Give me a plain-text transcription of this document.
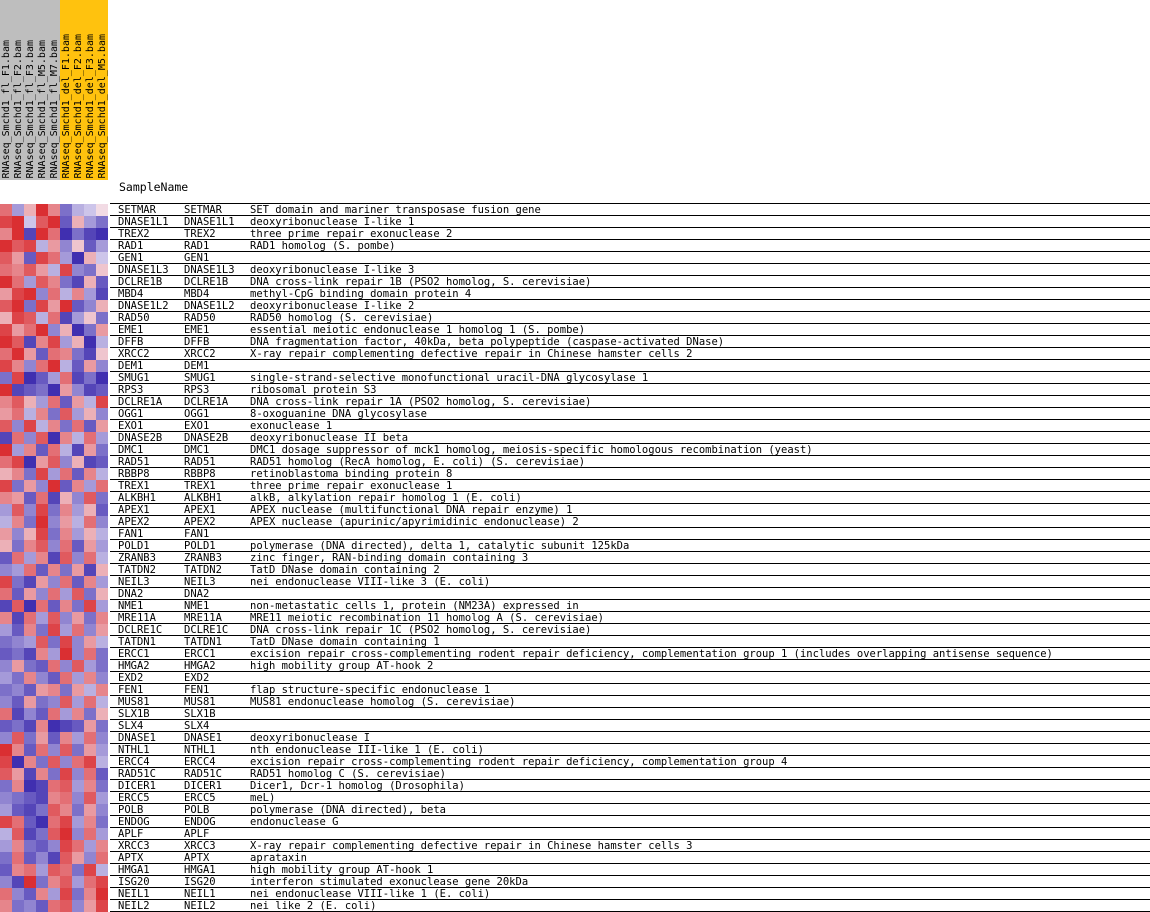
RNAseq_Smchd1_fl_F1.bam RNAseq_Smchd1_fl_F2.bam RNAseq_Smchd1_fl_F3.bam RNAseq_Smchd1_fl_M5.bam RNAseq_Smchd1_fl_M7.bam RNAseq_Smchd1_del_F1.bam RNAseq_Smchd1_del_F2.bam RNAseq_Smchd1_del_F3.bam RNAseq_Smchd1_del_M5.bam
SampleName
SETMAR	SETMAR	SET domain and mariner transposase fusion gene
DNASE1L1 DNASE1L1 deoxyribonuclease I-like 1
TREX2	TREX2	three prime repair exonuclease 2
RAD1	RAD1	RAD1 homolog (S. pombe)
GEN1	GEN1
DNASE1L3 DNASE1L3 deoxyribonuclease I-like 3
DCLRE1B DCLRE1B DNA cross-link repair 1B (PSO2 homolog, S. cerevisiae)
MBD4	MBD4	methyl-CpG binding domain protein 4
DNASE1L2 DNASE1L2 deoxyribonuclease I-like 2
RAD50	RAD50	RAD50 homolog (S. cerevisiae)
EME1	EME1	essential meiotic endonuclease 1 homolog 1 (S. pombe)
DFFB	DFFB	DNA fragmentation factor, 40kDa, beta polypeptide (caspase-activated DNase)
XRCC2	XRCC2	X-ray repair complementing defective repair in Chinese hamster cells 2
DEM1	DEM1
SMUG1	SMUG1	single-strand-selective monofunctional uracil-DNA glycosylase 1
RPS3	RPS3	ribosomal protein S3
DCLRE1A DCLRE1A DNA cross-link repair 1A (PSO2 homolog, S. cerevisiae)
OGG1	OGG1	8-oxoguanine DNA glycosylase
EXO1	EXO1	exonuclease 1
DNASE2B DNASE2B deoxyribonuclease II beta
DMC1	DMC1	DMC1 dosage suppressor of mck1 homolog, meiosis-specific homologous recombination (yeast)
RAD51	RAD51	RAD51 homolog (RecA homolog, E. coli) (S. cerevisiae)
RBBP8	RBBP8	retinoblastoma binding protein 8
TREX1	TREX1	three prime repair exonuclease 1
ALKBH1	ALKBH1	alkB, alkylation repair homolog 1 (E. coli)
APEX1	APEX1	APEX nuclease (multifunctional DNA repair enzyme) 1
APEX2	APEX2	APEX nuclease (apurinic/apyrimidinic endonuclease) 2
FAN1	FAN1
POLD1	POLD1	polymerase (DNA directed), delta 1, catalytic subunit 125kDa
ZRANB3	ZRANB3	zinc finger, RAN-binding domain containing 3
TATDN2	TATDN2	TatD DNase domain containing 2
NEIL3	NEIL3	nei endonuclease VIII-like 3 (E. coli)
DNA2	DNA2
NME1	NME1	non-metastatic cells 1, protein (NM23A) expressed in
MRE11A	MRE11A	MRE11 meiotic recombination 11 homolog A (S. cerevisiae)
DCLRE1C DCLRE1C DNA cross-link repair 1C (PSO2 homolog, S. cerevisiae)
TATDN1	TATDN1	TatD DNase domain containing 1
ERCC1	ERCC1	excision repair cross-complementing rodent repair deficiency, complementation group 1 (includes overlapping antisense sequence)
HMGA2	HMGA2	high mobility group AT-hook 2
EXD2	EXD2
FEN1	FEN1	flap structure-specific endonuclease 1
MUS81	MUS81	MUS81 endonuclease homolog (S. cerevisiae)
SLX1B	SLX1B
SLX4	SLX4
DNASE1	DNASE1	deoxyribonuclease I
NTHL1	NTHL1	nth endonuclease III-like 1 (E. coli)
ERCC4	ERCC4	excision repair cross-complementing rodent repair deficiency, complementation group 4
RAD51C	RAD51C	RAD51 homolog C (S. cerevisiae)
DICER1	DICER1	Dicer1, Dcr-1 homolog (Drosophila)
ERCC5	ERCC5	meL)
POLB	POLB	polymerase (DNA directed), beta
ENDOG	ENDOG	endonuclease G
APLF	APLF
XRCC3	XRCC3	X-ray repair complementing defective repair in Chinese hamster cells 3
APTX	APTX	aprataxin
HMGA1	HMGA1	high mobility group AT-hook 1
ISG20	ISG20	interferon stimulated exonuclease gene 20kDa
NEIL1	NEIL1	nei endonuclease VIII-like 1 (E. coli)
NEIL2	NEIL2	nei like 2 (E. coli)
